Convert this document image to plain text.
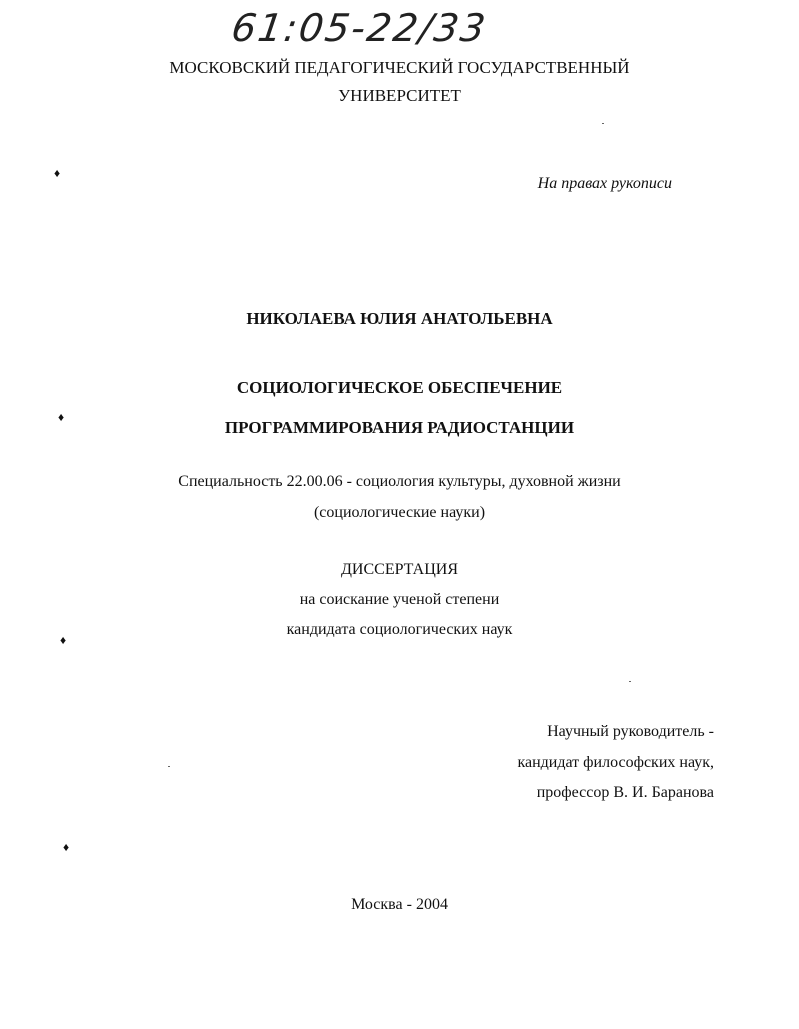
61:05-22/33
МОСКОВСКИЙ ПЕДАГОГИЧЕСКИЙ ГОСУДАРСТВЕННЫЙ
УНИВЕРСИТЕТ
На правах рукописи
НИКОЛАЕВА ЮЛИЯ АНАТОЛЬЕВНА
СОЦИОЛОГИЧЕСКОЕ ОБЕСПЕЧЕНИЕ
ПРОГРАММИРОВАНИЯ РАДИОСТАНЦИИ
Специальность 22.00.06 - социология культуры, духовной жизни
(социологические науки)
ДИССЕРТАЦИЯ
на соискание ученой степени
кандидата социологических наук
Научный руководитель -
кандидат философских наук,
профессор В. И. Баранова
Москва - 2004
♦
♦
♦
♦
